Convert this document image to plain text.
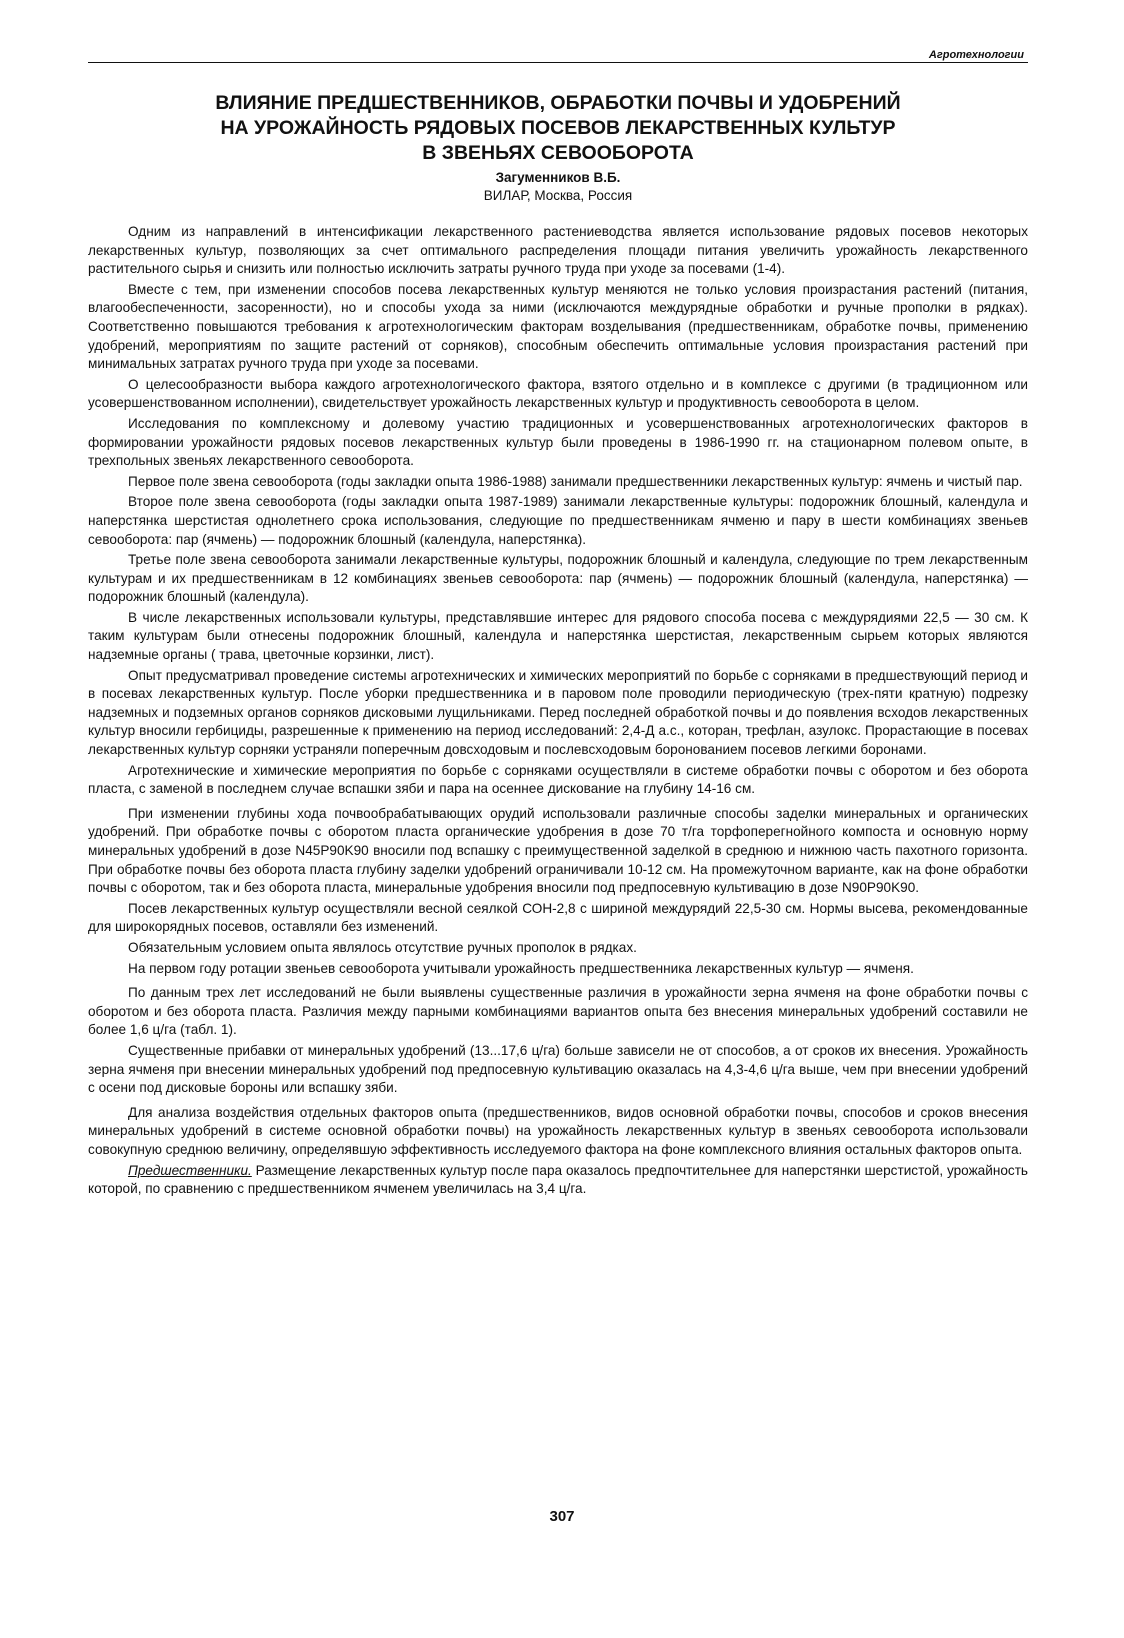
Агротехнологии
ВЛИЯНИЕ ПРЕДШЕСТВЕННИКОВ, ОБРАБОТКИ ПОЧВЫ И УДОБРЕНИЙ
НА УРОЖАЙНОСТЬ РЯДОВЫХ ПОСЕВОВ ЛЕКАРСТВЕННЫХ КУЛЬТУР
В ЗВЕНЬЯХ СЕВООБОРОТА
Загуменников В.Б.
ВИЛАР, Москва, Россия

Одним из направлений в интенсификации лекарственного растениеводства является использование рядовых посевов некоторых лекарственных культур, позволяющих за счет оптимального распределения площади питания увеличить урожайность лекарственного растительного сырья и снизить или полностью исключить затраты ручного труда при уходе за посевами (1-4).

Вместе с тем, при изменении способов посева лекарственных культур меняются не только условия произрастания растений (питания, влагообеспеченности, засоренности), но и способы ухода за ними (исключаются междурядные обработки и ручные прополки в рядках). Соответственно повышаются требования к агротехнологическим факторам возделывания (предшественникам, обработке почвы, применению удобрений, мероприятиям по защите растений от сорняков), способным обеспечить оптимальные условия произрастания растений при минимальных затратах ручного труда при уходе за посевами.

О целесообразности выбора каждого агротехнологического фактора, взятого отдельно и в комплексе с другими (в традиционном или усовершенствованном исполнении), свидетельствует урожайность лекарственных культур и продуктивность севооборота в целом.

Исследования по комплексному и долевому участию традиционных и усовершенствованных агротехнологических факторов в формировании урожайности рядовых посевов лекарственных культур были проведены в 1986-1990 гг. на стационарном полевом опыте, в трехпольных звеньях лекарственного севооборота.

Первое поле звена севооборота (годы закладки опыта 1986-1988) занимали предшественники лекарственных культур: ячмень и чистый пар.

Второе поле звена севооборота (годы закладки опыта 1987-1989) занимали лекарственные культуры: подорожник блошный, календула и наперстянка шерстистая однолетнего срока использования, следующие по предшественникам ячменю и пару в шести комбинациях звеньев севооборота: пар (ячмень) — подорожник блошный (календула, наперстянка).

Третье поле звена севооборота занимали лекарственные культуры, подорожник блошный и календула, следующие по трем лекарственным культурам и их предшественникам в 12 комбинациях звеньев севооборота: пар (ячмень) — подорожник блошный (календула, наперстянка) — подорожник блошный (календула).

В числе лекарственных использовали культуры, представлявшие интерес для рядового способа посева с междурядиями 22,5 — 30 см. К таким культурам были отнесены подорожник блошный, календула и наперстянка шерстистая, лекарственным сырьем которых являются надземные органы ( трава, цветочные корзинки, лист).

Опыт предусматривал проведение системы агротехнических и химических мероприятий по борьбе с сорняками в предшествующий период и в посевах лекарственных культур. После уборки предшественника и в паровом поле проводили периодическую (трех-пяти кратную) подрезку надземных и подземных органов сорняков дисковыми лущильниками. Перед последней обработкой почвы и до появления всходов лекарственных культур вносили гербициды, разрешенные к применению на период исследований: 2,4-Д а.с., которан, трефлан, азулокс. Прорастающие в посевах лекарственных культур сорняки устраняли поперечным довсходовым и послевсходовым боронованием посевов легкими боронами.

Агротехнические и химические мероприятия по борьбе с сорняками осуществляли в системе обработки почвы с оборотом и без оборота пласта, с заменой в последнем случае вспашки зяби и пара на осеннее дискование на глубину 14-16 см.

При изменении глубины хода почвообрабатывающих орудий использовали различные способы заделки минеральных и органических удобрений. При обработке почвы с оборотом пласта органические удобрения в дозе 70 т/га торфоперегнойного компоста и основную норму минеральных удобрений в дозе N45P90K90 вносили под вспашку с преимущественной заделкой в среднюю и нижнюю часть пахотного горизонта. При обработке почвы без оборота пласта глубину заделки удобрений ограничивали 10-12 см. На промежуточном варианте, как на фоне обработки почвы с оборотом, так и без оборота пласта, минеральные удобрения вносили под предпосевную культивацию в дозе N90P90K90.

Посев лекарственных культур осуществляли весной сеялкой СОН-2,8 с шириной междурядий 22,5-30 см. Нормы высева, рекомендованные для широкорядных посевов, оставляли без изменений.

Обязательным условием опыта являлось отсутствие ручных прополок в рядках.

На первом году ротации звеньев севооборота учитывали урожайность предшественника лекарственных культур — ячменя.

По данным трех лет исследований не были выявлены существенные различия в урожайности зерна ячменя на фоне обработки почвы с оборотом и без оборота пласта. Различия между парными комбинациями вариантов опыта без внесения минеральных удобрений составили не более 1,6 ц/га (табл. 1).

Существенные прибавки от минеральных удобрений (13...17,6 ц/га) больше зависели не от способов, а от сроков их внесения. Урожайность зерна ячменя при внесении минеральных удобрений под предпосевную культивацию оказалась на 4,3-4,6 ц/га выше, чем при внесении удобрений с осени под дисковые бороны или вспашку зяби.

Для анализа воздействия отдельных факторов опыта (предшественников, видов основной обработки почвы, способов и сроков внесения минеральных удобрений в системе основной обработки почвы) на урожайность лекарственных культур в звеньях севооборота использовали совокупную среднюю величину, определявшую эффективность исследуемого фактора на фоне комплексного влияния остальных факторов опыта.

Предшественники. Размещение лекарственных культур после пара оказалось предпочтительнее для наперстянки шерстистой, урожайность которой, по сравнению с предшественником ячменем увеличилась на 3,4 ц/га.

307
